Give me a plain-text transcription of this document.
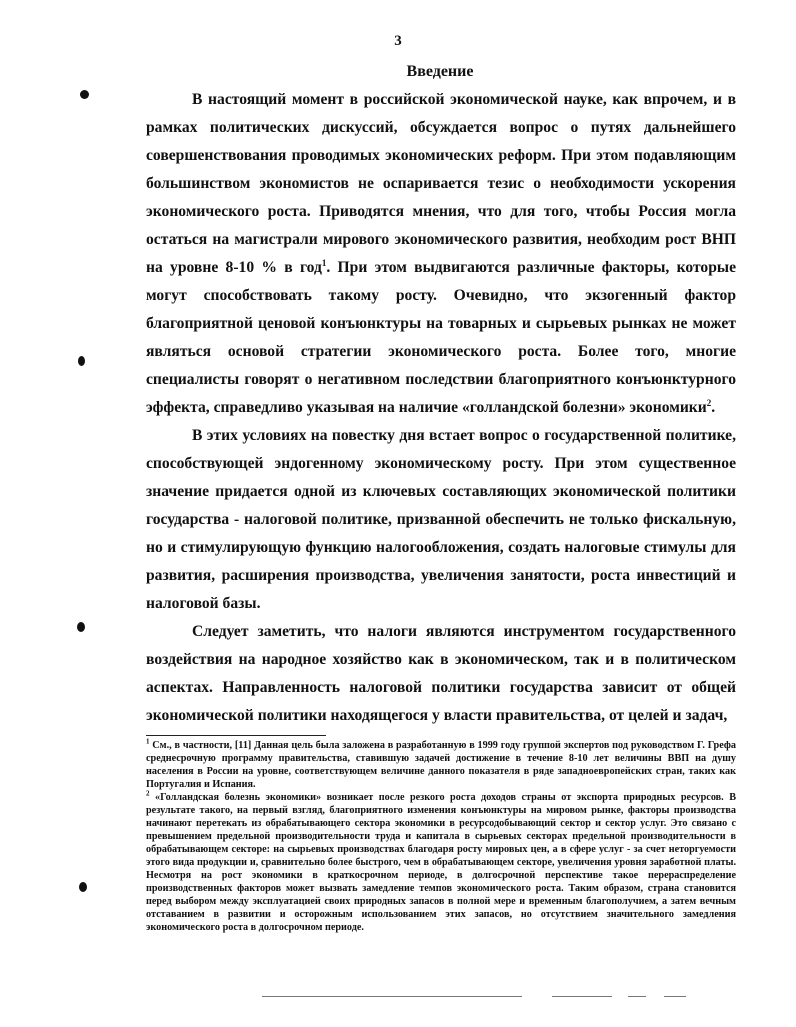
3
Введение

В настоящий момент в российской экономической науке, как впрочем, и в рамках политических дискуссий, обсуждается вопрос о путях дальнейшего совершенствования проводимых экономических реформ. При этом подавляющим большинством экономистов не оспаривается тезис о необходимости ускорения экономического роста. Приводятся мнения, что для того, чтобы Россия могла остаться на магистрали мирового экономического развития, необходим рост ВНП на уровне 8-10 % в год$^1$. При этом выдвигаются различные факторы, которые могут способствовать такому росту. Очевидно, что экзогенный фактор благоприятной ценовой конъюнктуры на товарных и сырьевых рынках не может являться основой стратегии экономического роста. Более того, многие специалисты говорят о негативном последствии благоприятного конъюнктурного эффекта, справедливо указывая на наличие «голландской болезни» экономики$^2$.

В этих условиях на повестку дня встает вопрос о государственной политике, способствующей эндогенному экономическому росту. При этом существенное значение придается одной из ключевых составляющих экономической политики государства - налоговой политике, призванной обеспечить не только фискальную, но и стимулирующую функцию налогообложения, создать налоговые стимулы для развития, расширения производства, увеличения занятости, роста инвестиций и налоговой базы.

Следует заметить, что налоги являются инструментом государственного воздействия на народное хозяйство как в экономическом, так и в политическом аспектах. Направленность налоговой политики государства зависит от общей экономической политики находящегося у власти правительства, от целей и задач,

$^1$ См., в частности, [11] Данная цель была заложена в разработанную в 1999 году группой экспертов под руководством Г. Грефа среднесрочную программу правительства, ставившую задачей достижение в течение 8-10 лет величины ВВП на душу населения в России на уровне, соответствующем величине данного показателя в ряде западноевропейских стран, таких как Португалия и Испания.

$^2$ «Голландская болезнь экономики» возникает после резкого роста доходов страны от экспорта природных ресурсов. В результате такого, на первый взгляд, благоприятного изменения конъюнктуры на мировом рынке, факторы производства начинают перетекать из обрабатывающего сектора экономики в ресурсодобывающий сектор и сектор услуг. Это связано с превышением предельной производительности труда и капитала в сырьевых секторах предельной производительности в обрабатывающем секторе: на сырьевых производствах благодаря росту мировых цен, а в сфере услуг - за счет неторгуемости этого вида продукции и, сравнительно более быстрого, чем в обрабатывающем секторе, увеличения уровня заработной платы. Несмотря на рост экономики в краткосрочном периоде, в долгосрочной перспективе такое перераспределение производственных факторов может вызвать замедление темпов экономического роста. Таким образом, страна становится перед выбором между эксплуатацией своих природных запасов в полной мере и временным благополучием, а затем вечным отставанием в развитии и осторожным использованием этих запасов, но отсутствием значительного замедления экономического роста в долгосрочном периоде.
